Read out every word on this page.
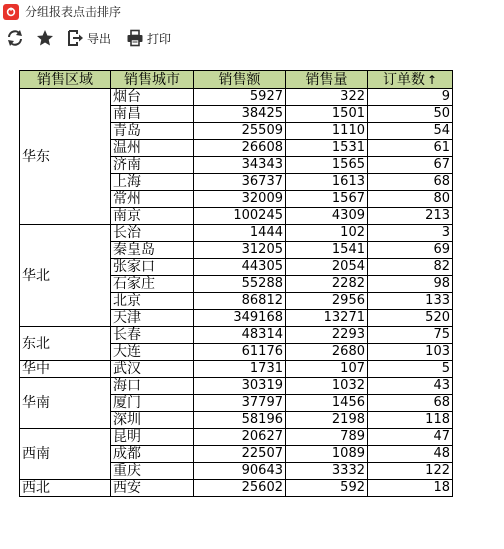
分组报表点击排序
导出	打印
销售区域	销售城市	销售额	销售量	订单数 ↑
华东	烟台	5927	322	9
	南昌	38425	1501	50
	青岛	25509	1110	54
	温州	26608	1531	61
	济南	34343	1565	67
	上海	36737	1613	68
	常州	32009	1567	80
	南京	100245	4309	213
华北	长治	1444	102	3
	秦皇岛	31205	1541	69
	张家口	44305	2054	82
	石家庄	55288	2282	98
	北京	86812	2956	133
	天津	349168	13271	520
东北	长春	48314	2293	75
	大连	61176	2680	103
华中	武汉	1731	107	5
华南	海口	30319	1032	43
	厦门	37797	1456	68
	深圳	58196	2198	118
西南	昆明	20627	789	47
	成都	22507	1089	48
	重庆	90643	3332	122
西北	西安	25602	592	18
